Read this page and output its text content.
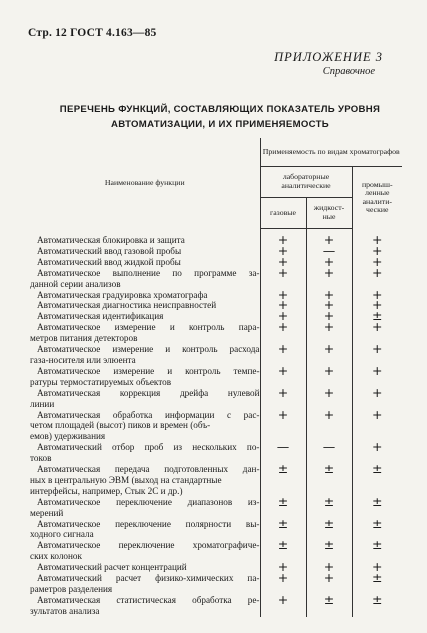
Стр. 12 ГОСТ 4.163—85
ПРИЛОЖЕНИЕ 3
Справочное
ПЕРЕЧЕНЬ ФУНКЦИЙ, СОСТАВЛЯЮЩИХ ПОКАЗАТЕЛЬ УРОВНЯ
АВТОМАТИЗАЦИИ, И ИХ ПРИМЕНЯЕМОСТЬ
Наименование функции	Применяемость по видам хроматографов		
	лабораторные аналитические		промыш-ленные аналити-ческие
	газовые	жидкост-ные	

Автоматическая блокировка и защита	+	+	+

Автоматический ввод газовой пробы	+	—	+

Автоматический ввод жидкой пробы	+	+	+

Автоматическое выполнение по программе за-
данной серии анализов	+	+	+

Автоматическая градуировка хроматографа	+	+	+

Автоматическая диагностика неисправностей	+	+	+

Автоматическая идентификация	+	+	±

Автоматическое измерение и контроль пара-
метров питания детекторов	+	+	+

Автоматическое измерение и контроль расхода
газа-носителя или элюента	+	+	+

Автоматическое измерение и контроль темпе-
ратуры термостатируемых объектов	+	+	+

Автоматическая коррекция дрейфа нулевой
линии	+	+	+

Автоматическая обработка информации с рас-
четом площадей (высот) пиков и времен (объ-
емов) удерживания	+	+	+

Автоматический отбор проб из нескольких по-
токов	—	—	+

Автоматическая передача подготовленных дан-
ных в центральную ЭВМ (выход на стандартные
интерфейсы, например, Стык 2С и др.)	±	±	±

Автоматическое переключение диапазонов из-
мерений	±	±	±

Автоматическое переключение полярности вы-
ходного сигнала	±	±	±

Автоматическое переключение хроматографиче-
ских колонок	±	±	±

Автоматический расчет концентраций	+	+	+

Автоматический расчет физико-химических па-
раметров разделения	+	+	±

Автоматическая статистическая обработка ре-
зультатов анализа	+	±	±
